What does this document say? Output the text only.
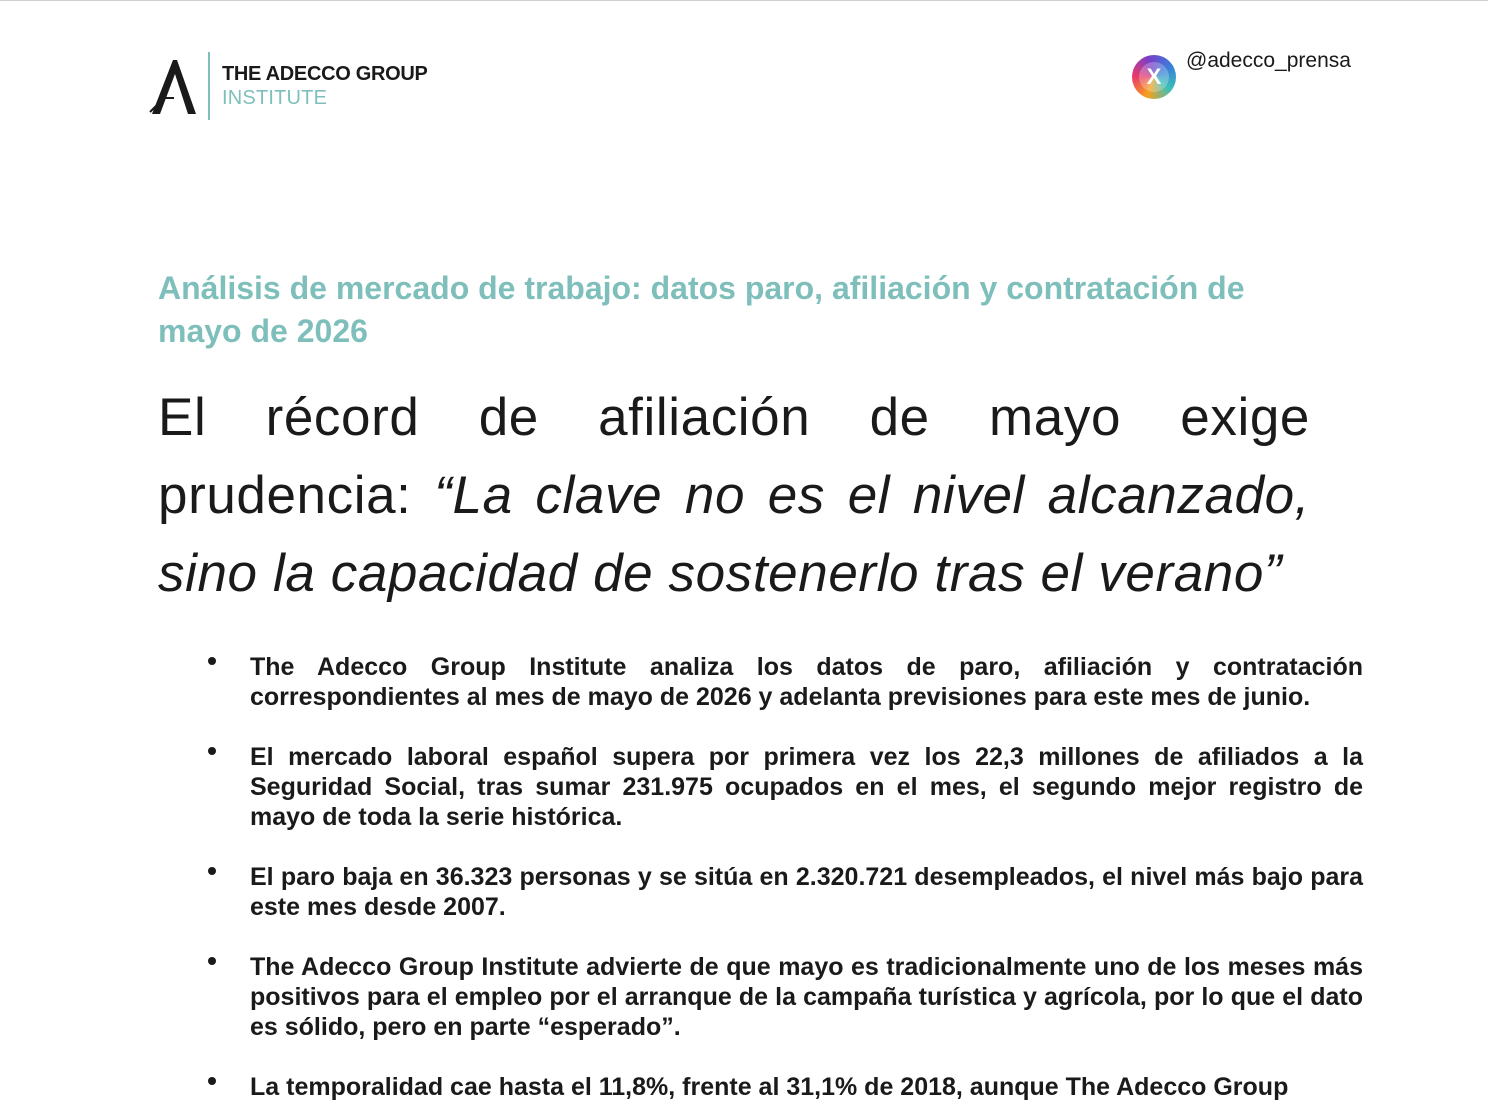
THE ADECCO GROUP
INSTITUTE
X
@adecco_prensa
Análisis de mercado de trabajo: datos paro, afiliación y contratación de mayo de 2026
El récord de afiliación de mayo exige prudencia: “La clave no es el nivel alcanzado, sino la capacidad de sostenerlo tras el verano”
The Adecco Group Institute analiza los datos de paro, afiliación y contratación correspondientes al mes de mayo de 2026 y adelanta previsiones para este mes de junio.
El mercado laboral español supera por primera vez los 22,3 millones de afiliados a la Seguridad Social, tras sumar 231.975 ocupados en el mes, el segundo mejor registro de mayo de toda la serie histórica.
El paro baja en 36.323 personas y se sitúa en 2.320.721 desempleados, el nivel más bajo para este mes desde 2007.
The Adecco Group Institute advierte de que mayo es tradicionalmente uno de los meses más positivos para el empleo por el arranque de la campaña turística y agrícola, por lo que el dato es sólido, pero en parte “esperado”.
La temporalidad cae hasta el 11,8%, frente al 31,1% de 2018, aunque The Adecco Group
